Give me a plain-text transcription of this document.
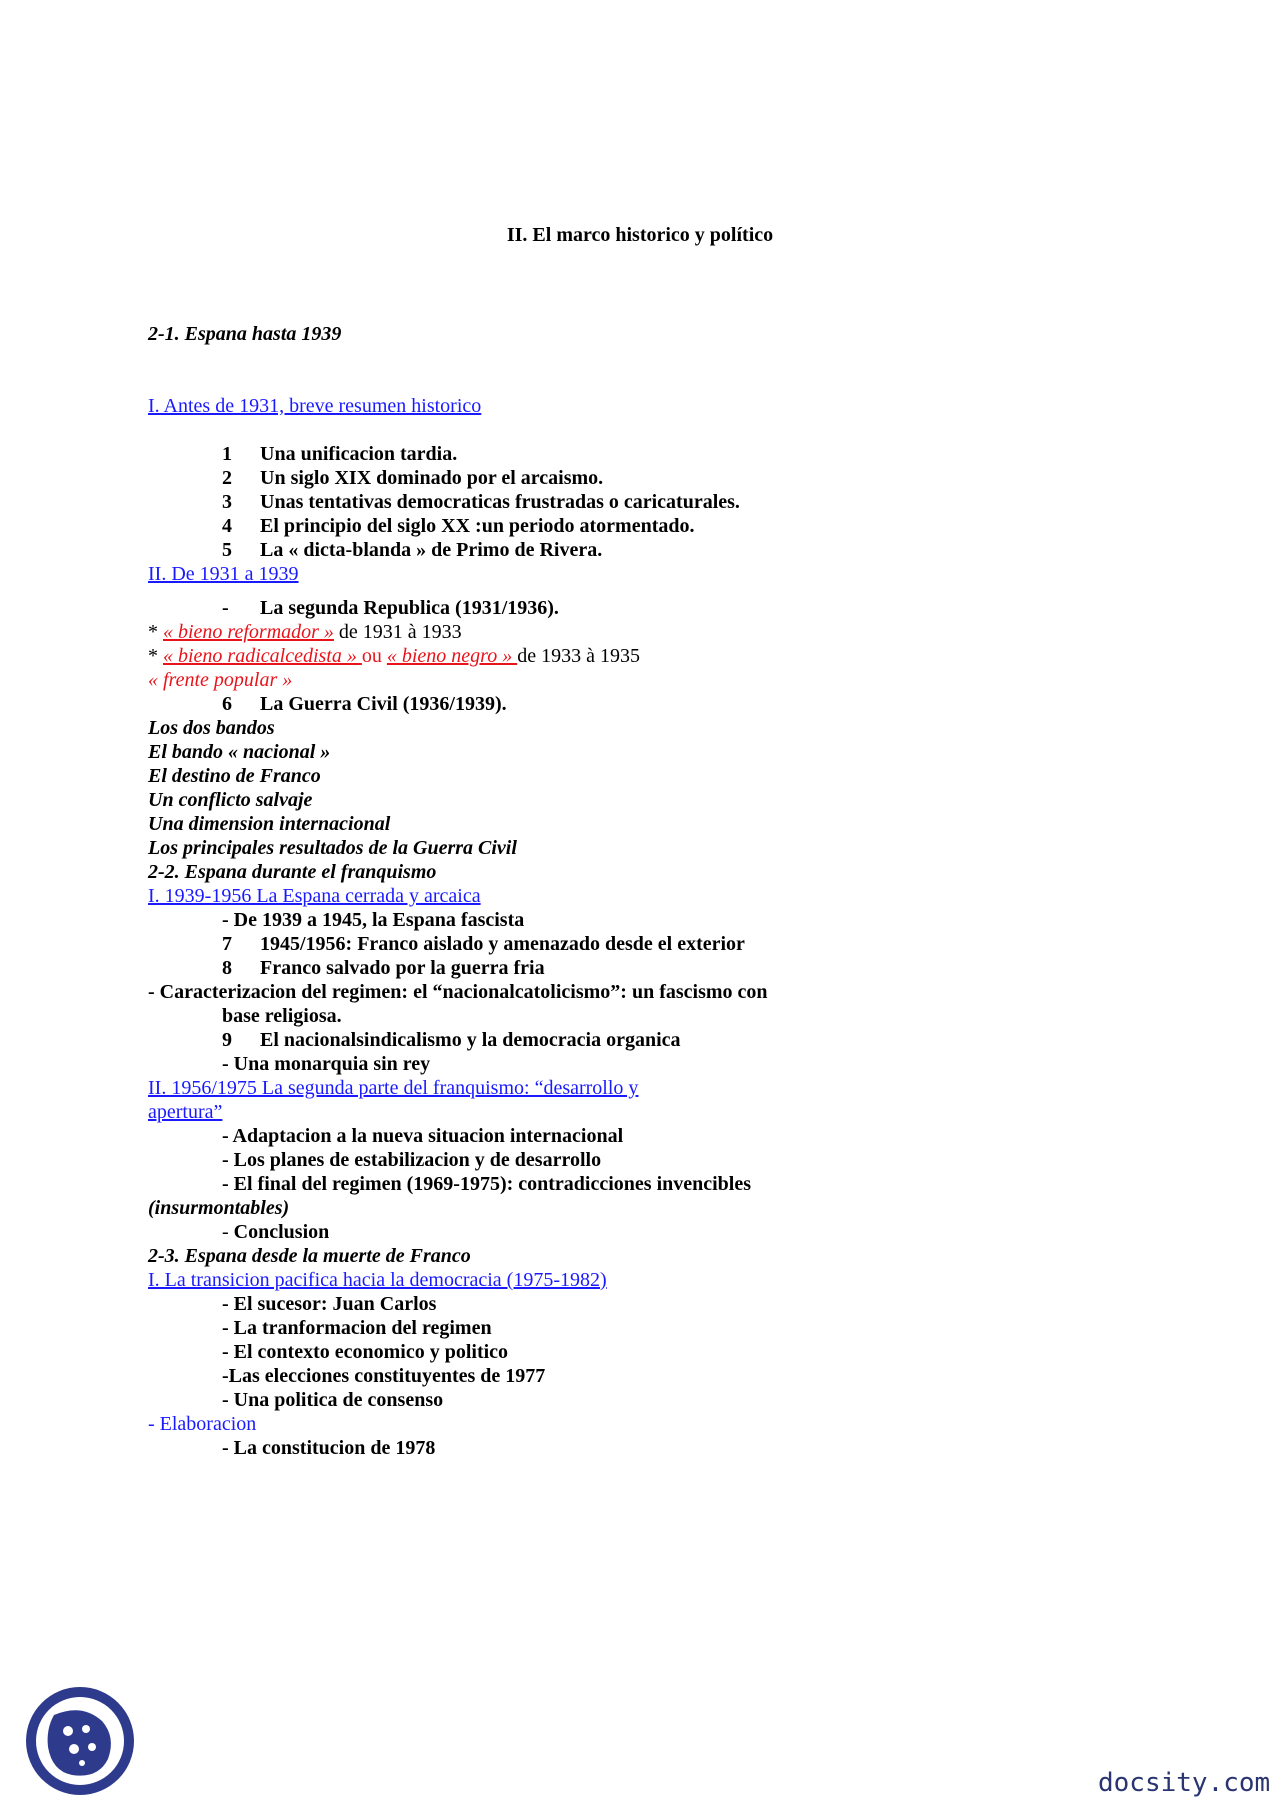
II. El marco historico y político
2-1. Espana hasta 1939
I. Antes de 1931, breve resumen historico
1 Una unificacion tardia.
2 Un siglo XIX dominado por el arcaismo.
3 Unas tentativas democraticas frustradas o caricaturales.
4 El principio del siglo XX :un periodo atormentado.
5 La « dicta-blanda » de Primo de Rivera.
II. De 1931 a 1939
- La segunda Republica (1931/1936).
* « bieno reformador » de 1931 à 1933
* « bieno radicalcedista » ou « bieno negro » de 1933 à 1935
« frente popular »
6 La Guerra Civil (1936/1939).
Los dos bandos
El bando « nacional »
El destino de Franco
Un conflicto salvaje
Una dimension internacional
Los principales resultados de la Guerra Civil
2-2. Espana durante el franquismo
I. 1939-1956 La Espana cerrada y arcaica
- De 1939 a 1945, la Espana fascista
7 1945/1956: Franco aislado y amenazado desde el exterior
8 Franco salvado por la guerra fria
- Caracterizacion del regimen: el “nacionalcatolicismo”: un fascismo con
base religiosa.
9 El nacionalsindicalismo y la democracia organica
- Una monarquia sin rey
II. 1956/1975 La segunda parte del franquismo: “desarrollo y
apertura”
- Adaptacion a la nueva situacion internacional
- Los planes de estabilizacion y de desarrollo
- El final del regimen (1969-1975): contradicciones invencibles
(insurmontables)
- Conclusion
2-3. Espana desde la muerte de Franco
I. La transicion pacifica hacia la democracia (1975-1982)
- El sucesor: Juan Carlos
- La tranformacion del regimen
- El contexto economico y politico
-Las elecciones constituyentes de 1977
- Una politica de consenso
- Elaboracion
- La constitucion de 1978
docsity.com
